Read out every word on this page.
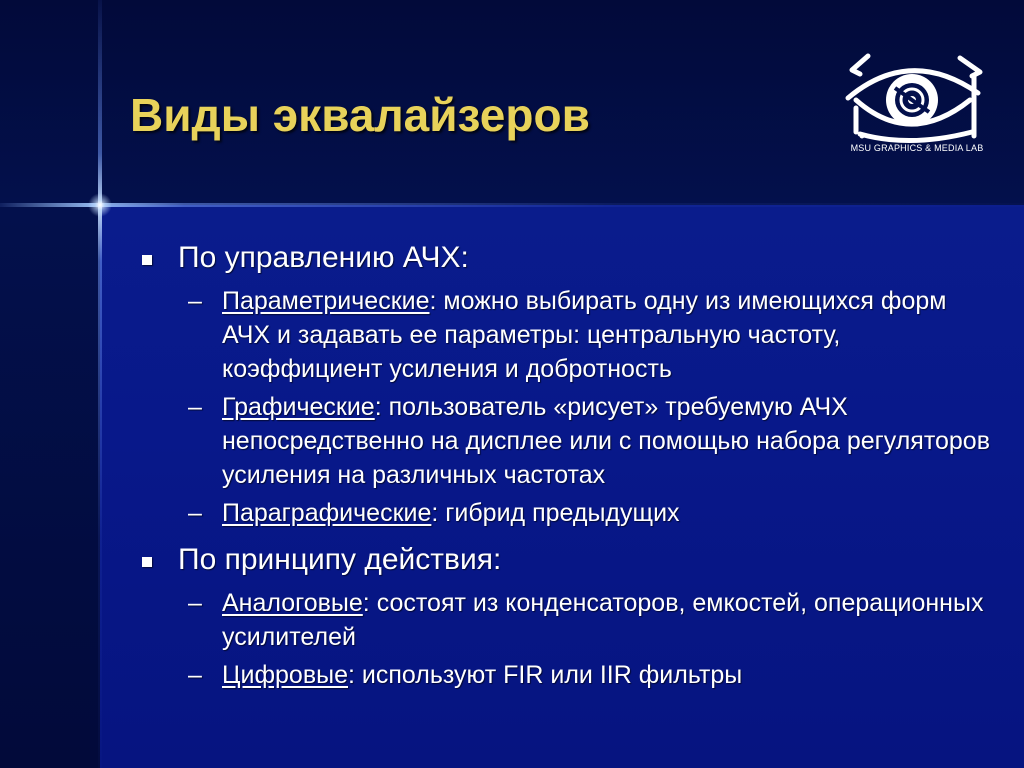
Виды эквалайзеров
MSU GRAPHICS & MEDIA LAB
По управлению АЧХ:
– Параметрические: можно выбирать одну из имеющихся форм АЧХ и задавать ее параметры: центральную частоту, коэффициент усиления и добротность
– Графические: пользователь «рисует» требуемую АЧХ непосредственно на дисплее или с помощью набора регуляторов усиления на различных частотах
– Параграфические: гибрид предыдущих
По принципу действия:
– Аналоговые: состоят из конденсаторов, емкостей, операционных усилителей
– Цифровые: используют FIR или IIR фильтры
